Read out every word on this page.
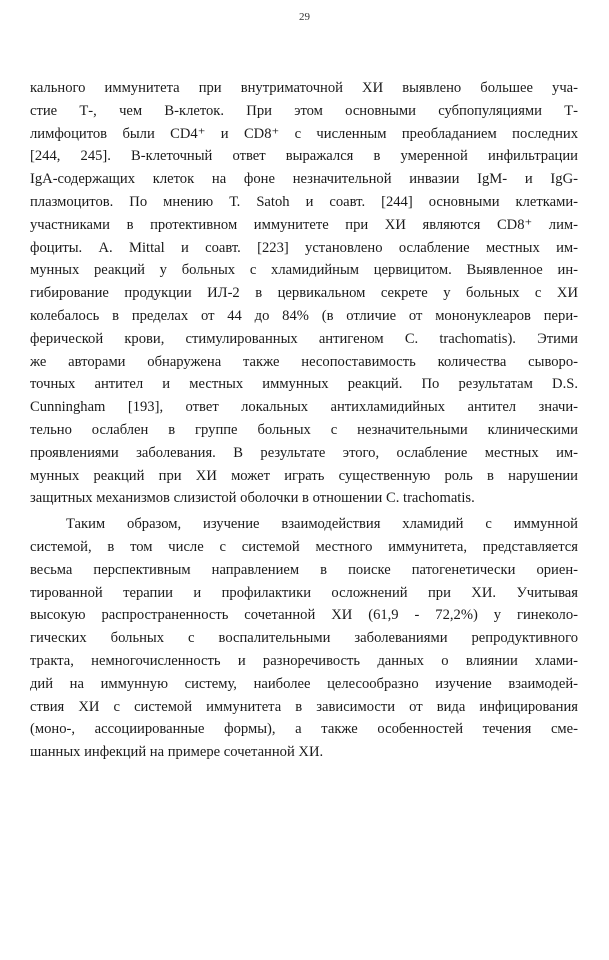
29
кального иммунитета при внутриматочной ХИ выявлено большее уча-
стие Т-, чем В-клеток. При этом основными субпопуляциями Т-
лимфоцитов были CD4⁺ и CD8⁺ с численным преобладанием последних
[244, 245]. В-клеточный ответ выражался в умеренной инфильтрации
IgA-содержащих клеток на фоне незначительной инвазии IgM- и IgG-
плазмоцитов. По мнению Т. Satoh и соавт. [244] основными клетками-
участниками в протективном иммунитете при ХИ являются CD8⁺ лим-
фоциты. A. Mittal и соавт. [223] установлено ослабление местных им-
мунных реакций у больных с хламидийным цервицитом. Выявленное ин-
гибирование продукции ИЛ-2 в цервикальном секрете у больных с ХИ
колебалось в пределах от 44 до 84% (в отличие от мононуклеаров пери-
ферической крови, стимулированных антигеном C. trachomatis). Этими
же авторами обнаружена также несопоставимость количества сыворо-
точных антител и местных иммунных реакций. По результатам D.S.
Cunningham [193], ответ локальных антихламидийных антител значи-
тельно ослаблен в группе больных с незначительными клиническими
проявлениями заболевания. В результате этого, ослабление местных им-
мунных реакций при ХИ может играть существенную роль в нарушении
защитных механизмов слизистой оболочки в отношении C. trachomatis.
Таким образом, изучение взаимодействия хламидий с иммунной
системой, в том числе с системой местного иммунитета, представляется
весьма перспективным направлением в поиске патогенетически ориен-
тированной терапии и профилактики осложнений при ХИ. Учитывая
высокую распространенность сочетанной ХИ (61,9 - 72,2%) у гинеколо-
гических больных с воспалительными заболеваниями репродуктивного
тракта, немногочисленность и разноречивость данных о влиянии хлами-
дий на иммунную систему, наиболее целесообразно изучение взаимодей-
ствия ХИ с системой иммунитета в зависимости от вида инфицирования
(моно-, ассоциированные формы), а также особенностей течения сме-
шанных инфекций на примере сочетанной ХИ.
